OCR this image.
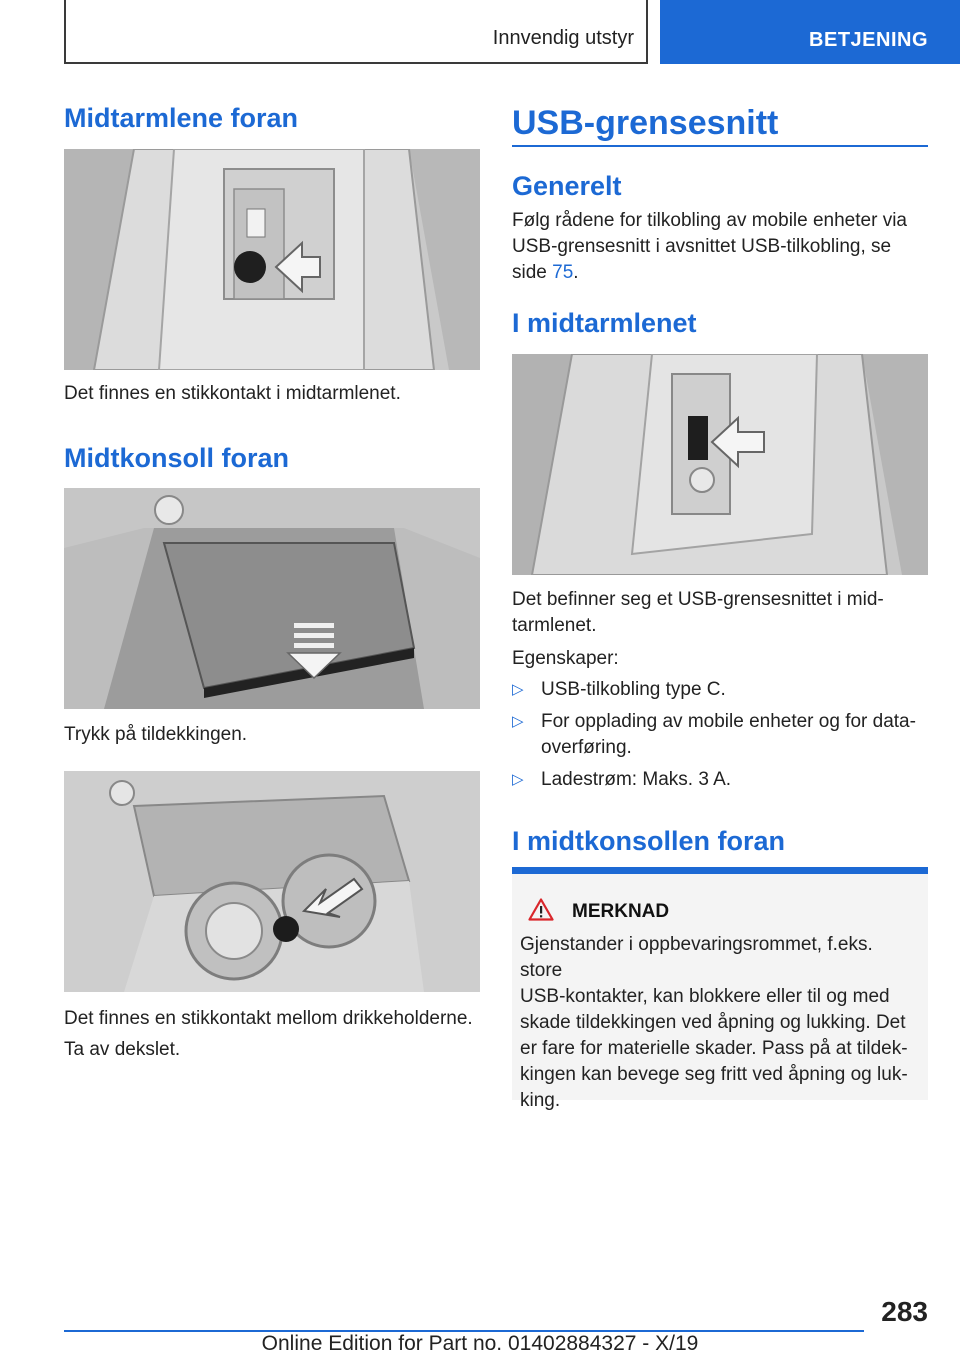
Innvendig utstyr	BETJENING
Midtarmlene foran

Det finnes en stikkontakt i midtarmlenet.

Midtkonsoll foran

Trykk på tildekkingen.

Det finnes en stikkontakt mellom drikkeholderne.

Ta av dekslet.

USB-grensesnitt
Generelt

Følg rådene for tilkobling av mobile enheter via
USB-grensesnitt i avsnittet USB-tilkobling, se
side 75.

I midtarmlenet

Det befinner seg et USB-grensesnittet i mid‐
tarmlenet.

Egenskaper:

▷ USB-tilkobling type C.
▷ For opplading av mobile enheter og for data‐
overføring.
▷ Ladestrøm: Maks. 3 A.
I midtkonsollen foran
MERKNAD

Gjenstander i oppbevaringsrommet, f.eks. store
USB-kontakter, kan blokkere eller til og med
skade tildekkingen ved åpning og lukking. Det
er fare for materielle skader. Pass på at tildek‐
kingen kan bevege seg fritt ved åpning og luk‐
king.

283
Online Edition for Part no. 01402884327 - X/19
